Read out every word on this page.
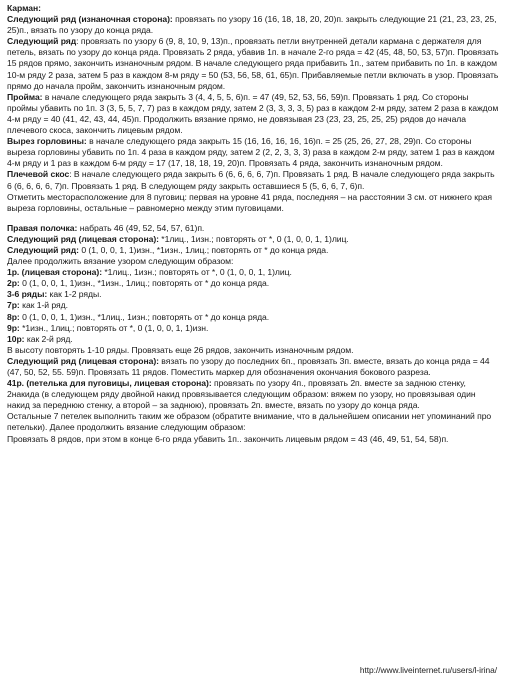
Карман:

Следующий ряд (изнаночная сторона): провязать по узору 16 (16, 18, 18, 20, 20)п. закрыть следующие 21 (21, 23, 23, 25, 25)п., вязать по узору до конца ряда.

Следующий ряд: провязать по узору 6 (9, 8, 10, 9, 13)п., провязать петли внутренней детали кармана с держателя для петель, вязать по узору до конца ряда. Провязать 2 ряда, убавив 1п. в начале 2-го ряда = 42 (45, 48, 50, 53, 57)п. Провязать 15 рядов прямо, закончить изнаночным рядом. В начале следующего ряда прибавить 1п., затем прибавить по 1п. в каждом 10-м ряду 2 раза, затем 5 раз в каждом 8-м ряду = 50 (53, 56, 58, 61, 65)п. Прибавляемые петли включать в узор. Провязать прямо до начала пройм, закончить изнаночным рядом.

Пройма: в начале следующего ряда закрыть 3 (4, 4, 5, 5, 6)п. = 47 (49, 52, 53, 56, 59)п. Провязать 1 ряд. Со стороны проймы убавить по 1п. 3 (3, 5, 5, 7, 7) раз в каждом ряду, затем 2 (3, 3, 3, 3, 5) раз в каждом 2-м ряду, затем 2 раза в каждом 4-м ряду = 40 (41, 42, 43, 44, 45)п. Продолжить вязание прямо, не довязывая 23 (23, 23, 25, 25, 25) рядов до начала плечевого скоса, закончить лицевым рядом.

Вырез горловины: в начале следующего ряда закрыть 15 (16, 16, 16, 16, 16)п. = 25 (25, 26, 27, 28, 29)п. Со стороны выреза горловины убавить по 1п. 4 раза в каждом ряду, затем 2 (2, 2, 3, 3, 3) раза в каждом 2-м ряду, затем 1 раз в каждом 4-м ряду и 1 раз в каждом 6-м ряду = 17 (17, 18, 18, 19, 20)п. Провязать 4 ряда, закончить изнаночным рядом.

Плечевой скос: В начале следующего ряда закрыть 6 (6, 6, 6, 6, 7)п. Провязать 1 ряд. В начале следующего ряда закрыть 6 (6, 6, 6, 6, 7)п. Провязать 1 ряд. В следующем ряду закрыть оставшиеся 5 (5, 6, 6, 7, 6)п.

Отметить месторасположение для 8 пуговиц: первая на уровне 41 ряда, последняя – на расстоянии 3 см. от нижнего края выреза горловины, остальные – равномерно между этим пуговицами.

Правая полочка: набрать 46 (49, 52, 54, 57, 61)п.

Следующий ряд (лицевая сторона): *1лиц., 1изн.; повторять от *, 0 (1, 0, 0, 1, 1)лиц.

Следующий ряд: 0 (1, 0, 0, 1, 1)изн., *1изн., 1лиц.; повторять от * до конца ряда.

Далее продолжить вязание узором следующим образом:

1р. (лицевая сторона): *1лиц., 1изн.; повторять от *, 0 (1, 0, 0, 1, 1)лиц.

2р: 0 (1, 0, 0, 1, 1)изн., *1изн., 1лиц.; повторять от * до конца ряда.

3-6 ряды: как 1-2 ряды.

7р: как 1-й ряд.

8р: 0 (1, 0, 0, 1, 1)изн., *1лиц., 1изн.; повторять от * до конца ряда.

9р: *1изн., 1лиц.; повторять от *, 0 (1, 0, 0, 1, 1)изн.

10р: как 2-й ряд.

В высоту повторять 1-10 ряды. Провязать еще 26 рядов, закончить изнаночным рядом.

Следующий ряд (лицевая сторона): вязать по узору до последних 6п., провязать 3п. вместе, вязать до конца ряда = 44 (47, 50, 52, 55. 59)п. Провязать 11 рядов. Поместить маркер для обозначения окончания бокового разреза.

41р. (петелька для пуговицы, лицевая сторона): провязать по узору 4п., провязать 2п. вместе за заднюю стенку, 2накида (в следующем ряду двойной накид провязывается следующим образом: вяжем по узору, но провязывая один накид за переднюю стенку, а второй – за заднюю), провязать 2п. вместе, вязать по узору до конца ряда.

Остальные 7 петелек выполнить таким же образом (обратите внимание, что в дальнейшем описании нет упоминаний про петельки). Далее продолжить вязание следующим образом:

Провязать 8 рядов, при этом в конце 6-го ряда убавить 1п.. закончить лицевым рядом = 43 (46, 49, 51, 54, 58)п.

http://www.liveinternet.ru/users/l-irina/
